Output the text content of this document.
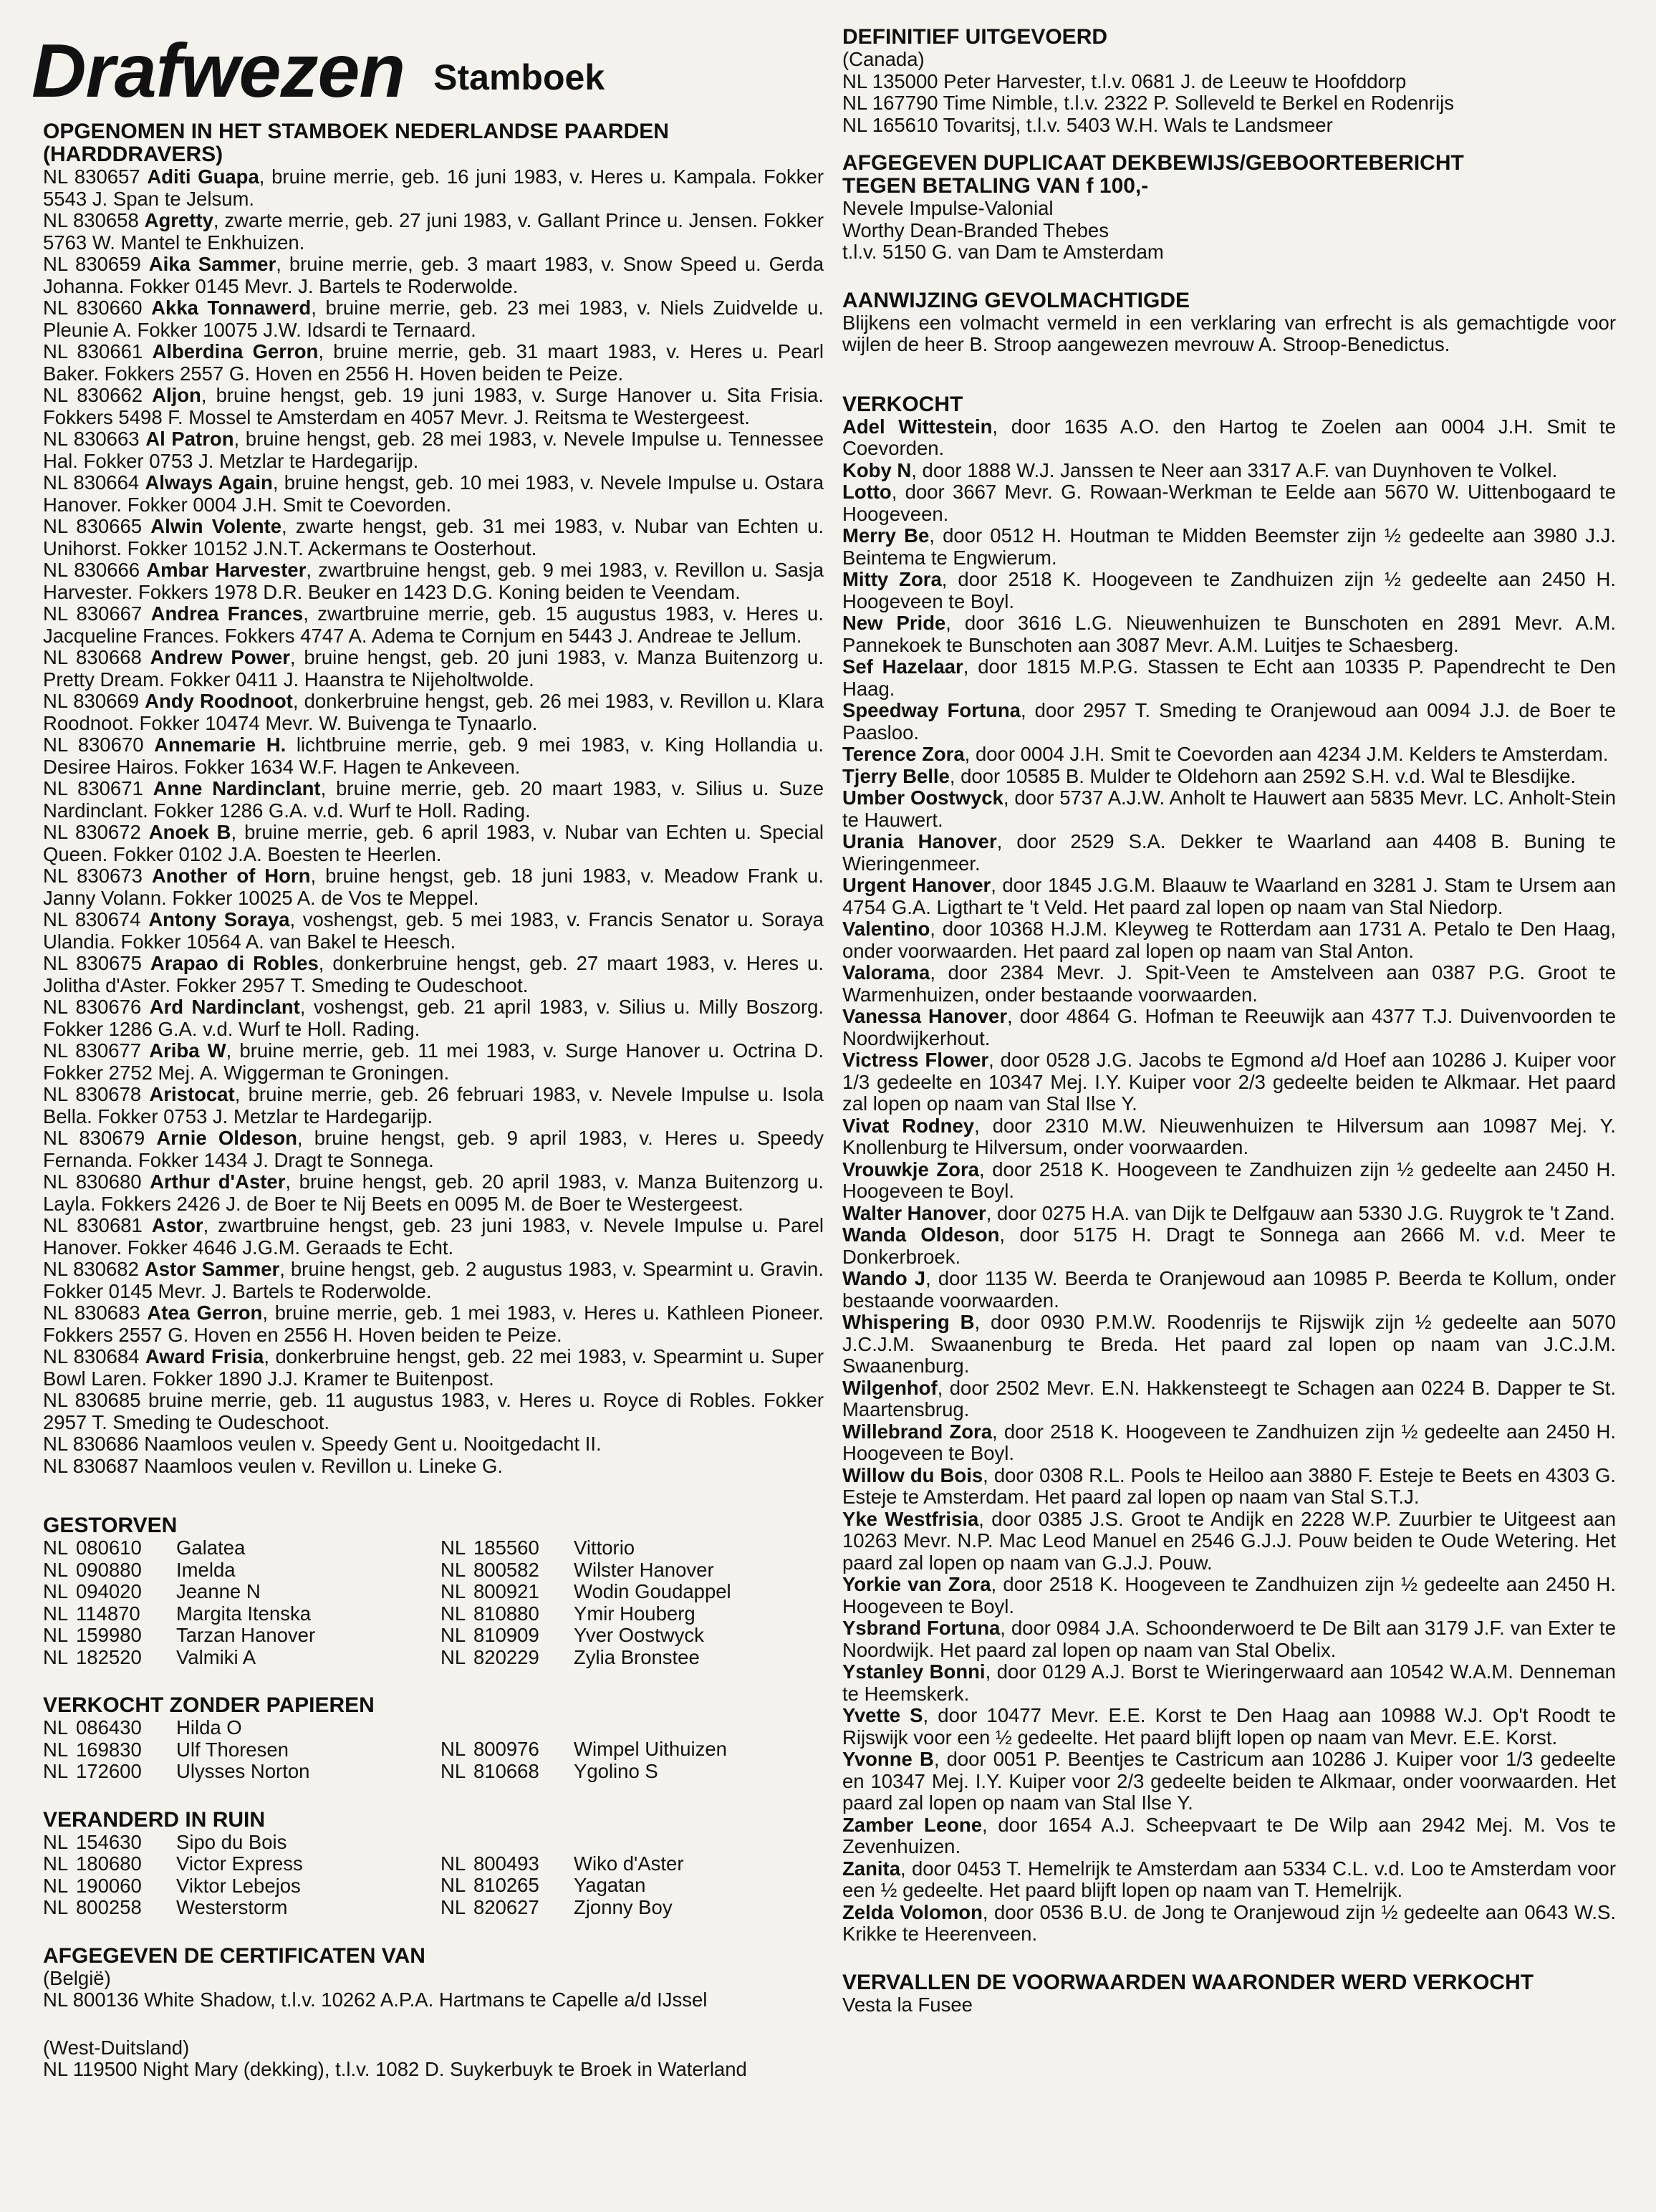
Drafwezen Stamboek

OPGENOMEN IN HET STAMBOEK NEDERLANDSE PAARDEN

(HARDDRAVERS)

NL 830657 Aditi Guapa, bruine merrie, geb. 16 juni 1983, v. Heres u. Kampala. Fokker 5543 J. Span te Jelsum.

NL 830658 Agretty, zwarte merrie, geb. 27 juni 1983, v. Gallant Prince u. Jensen. Fokker 5763 W. Mantel te Enkhuizen.

NL 830659 Aika Sammer, bruine merrie, geb. 3 maart 1983, v. Snow Speed u. Gerda Johanna. Fokker 0145 Mevr. J. Bartels te Roderwolde.

NL 830660 Akka Tonnawerd, bruine merrie, geb. 23 mei 1983, v. Niels Zuidvelde u. Pleunie A. Fokker 10075 J.W. Idsardi te Ternaard.

NL 830661 Alberdina Gerron, bruine merrie, geb. 31 maart 1983, v. Heres u. Pearl Baker. Fokkers 2557 G. Hoven en 2556 H. Hoven beiden te Peize.

NL 830662 Aljon, bruine hengst, geb. 19 juni 1983, v. Surge Hanover u. Sita Frisia. Fokkers 5498 F. Mossel te Amsterdam en 4057 Mevr. J. Reitsma te Westergeest.

NL 830663 Al Patron, bruine hengst, geb. 28 mei 1983, v. Nevele Impulse u. Tennessee Hal. Fokker 0753 J. Metzlar te Hardegarijp.

NL 830664 Always Again, bruine hengst, geb. 10 mei 1983, v. Nevele Impulse u. Ostara Hanover. Fokker 0004 J.H. Smit te Coevorden.

NL 830665 Alwin Volente, zwarte hengst, geb. 31 mei 1983, v. Nubar van Echten u. Unihorst. Fokker 10152 J.N.T. Ackermans te Oosterhout.

NL 830666 Ambar Harvester, zwartbruine hengst, geb. 9 mei 1983, v. Revillon u. Sasja Harvester. Fokkers 1978 D.R. Beuker en 1423 D.G. Koning beiden te Veendam.

NL 830667 Andrea Frances, zwartbruine merrie, geb. 15 augustus 1983, v. Heres u. Jacqueline Frances. Fokkers 4747 A. Adema te Cornjum en 5443 J. Andreae te Jellum.

NL 830668 Andrew Power, bruine hengst, geb. 20 juni 1983, v. Manza Buitenzorg u. Pretty Dream. Fokker 0411 J. Haanstra te Nijeholtwolde.

NL 830669 Andy Roodnoot, donkerbruine hengst, geb. 26 mei 1983, v. Revillon u. Klara Roodnoot. Fokker 10474 Mevr. W. Buivenga te Tynaarlo.

NL 830670 Annemarie H. lichtbruine merrie, geb. 9 mei 1983, v. King Hollandia u. Desiree Hairos. Fokker 1634 W.F. Hagen te Ankeveen.

NL 830671 Anne Nardinclant, bruine merrie, geb. 20 maart 1983, v. Silius u. Suze Nardinclant. Fokker 1286 G.A. v.d. Wurf te Holl. Rading.

NL 830672 Anoek B, bruine merrie, geb. 6 april 1983, v. Nubar van Echten u. Special Queen. Fokker 0102 J.A. Boesten te Heerlen.

NL 830673 Another of Horn, bruine hengst, geb. 18 juni 1983, v. Meadow Frank u. Janny Volann. Fokker 10025 A. de Vos te Meppel.

NL 830674 Antony Soraya, voshengst, geb. 5 mei 1983, v. Francis Senator u. Soraya Ulandia. Fokker 10564 A. van Bakel te Heesch.

NL 830675 Arapao di Robles, donkerbruine hengst, geb. 27 maart 1983, v. Heres u. Jolitha d'Aster. Fokker 2957 T. Smeding te Oudeschoot.

NL 830676 Ard Nardinclant, voshengst, geb. 21 april 1983, v. Silius u. Milly Boszorg. Fokker 1286 G.A. v.d. Wurf te Holl. Rading.

NL 830677 Ariba W, bruine merrie, geb. 11 mei 1983, v. Surge Hanover u. Octrina D. Fokker 2752 Mej. A. Wiggerman te Groningen.

NL 830678 Aristocat, bruine merrie, geb. 26 februari 1983, v. Nevele Impulse u. Isola Bella. Fokker 0753 J. Metzlar te Hardegarijp.

NL 830679 Arnie Oldeson, bruine hengst, geb. 9 april 1983, v. Heres u. Speedy Fernanda. Fokker 1434 J. Dragt te Sonnega.

NL 830680 Arthur d'Aster, bruine hengst, geb. 20 april 1983, v. Manza Buitenzorg u. Layla. Fokkers 2426 J. de Boer te Nij Beets en 0095 M. de Boer te Westergeest.

NL 830681 Astor, zwartbruine hengst, geb. 23 juni 1983, v. Nevele Impulse u. Parel Hanover. Fokker 4646 J.G.M. Geraads te Echt.

NL 830682 Astor Sammer, bruine hengst, geb. 2 augustus 1983, v. Spearmint u. Gravin. Fokker 0145 Mevr. J. Bartels te Roderwolde.

NL 830683 Atea Gerron, bruine merrie, geb. 1 mei 1983, v. Heres u. Kathleen Pioneer. Fokkers 2557 G. Hoven en 2556 H. Hoven beiden te Peize.

NL 830684 Award Frisia, donkerbruine hengst, geb. 22 mei 1983, v. Spearmint u. Super Bowl Laren. Fokker 1890 J.J. Kramer te Buitenpost.

NL 830685 bruine merrie, geb. 11 augustus 1983, v. Heres u. Royce di Robles. Fokker 2957 T. Smeding te Oudeschoot.

NL 830686 Naamloos veulen v. Speedy Gent u. Nooitgedacht II.

NL 830687 Naamloos veulen v. Revillon u. Lineke G.

GESTORVEN

NL 080610	Galatea
NL 090880	Imelda
NL 094020	Jeanne N
NL 114870	Margita Itenska
NL 159980	Tarzan Hanover
NL 182520	Valmiki A
NL 185560	Vittorio
NL 800582	Wilster Hanover
NL 800921	Wodin Goudappel
NL 810880	Ymir Houberg
NL 810909	Yver Oostwyck
NL 820229	Zylia Bronstee

VERKOCHT ZONDER PAPIEREN

NL 086430	Hilda O
NL 169830	Ulf Thoresen
NL 172600	Ulysses Norton
NL 800976	Wimpel Uithuizen
NL 810668	Ygolino S

VERANDERD IN RUIN

NL 154630	Sipo du Bois
NL 180680	Victor Express
NL 190060	Viktor Lebejos
NL 800258	Westerstorm
NL 800493	Wiko d'Aster
NL 810265	Yagatan
NL 820627	Zjonny Boy

AFGEGEVEN DE CERTIFICATEN VAN

(België)

NL 800136 White Shadow, t.l.v. 10262 A.P.A. Hartmans te Capelle a/d IJssel

(West-Duitsland)

NL 119500 Night Mary (dekking), t.l.v. 1082 D. Suykerbuyk te Broek in Waterland

DEFINITIEF UITGEVOERD

(Canada)

NL 135000 Peter Harvester, t.l.v. 0681 J. de Leeuw te Hoofddorp

NL 167790 Time Nimble, t.l.v. 2322 P. Solleveld te Berkel en Rodenrijs

NL 165610 Tovaritsj, t.l.v. 5403 W.H. Wals te Landsmeer

AFGEGEVEN DUPLICAAT DEKBEWIJS/GEBOORTEBERICHT

TEGEN BETALING VAN f 100,-

Nevele Impulse-Valonial

Worthy Dean-Branded Thebes

t.l.v. 5150 G. van Dam te Amsterdam

AANWIJZING GEVOLMACHTIGDE

Blijkens een volmacht vermeld in een verklaring van erfrecht is als gemachtigde voor wijlen de heer B. Stroop aangewezen mevrouw A. Stroop-Benedictus.

VERKOCHT

Adel Wittestein, door 1635 A.O. den Hartog te Zoelen aan 0004 J.H. Smit te Coevorden.

Koby N, door 1888 W.J. Janssen te Neer aan 3317 A.F. van Duynhoven te Volkel.

Lotto, door 3667 Mevr. G. Rowaan-Werkman te Eelde aan 5670 W. Uittenbogaard te Hoogeveen.

Merry Be, door 0512 H. Houtman te Midden Beemster zijn ½ gedeelte aan 3980 J.J. Beintema te Engwierum.

Mitty Zora, door 2518 K. Hoogeveen te Zandhuizen zijn ½ gedeelte aan 2450 H. Hoogeveen te Boyl.

New Pride, door 3616 L.G. Nieuwenhuizen te Bunschoten en 2891 Mevr. A.M. Pannekoek te Bunschoten aan 3087 Mevr. A.M. Luitjes te Schaesberg.

Sef Hazelaar, door 1815 M.P.G. Stassen te Echt aan 10335 P. Papendrecht te Den Haag.

Speedway Fortuna, door 2957 T. Smeding te Oranjewoud aan 0094 J.J. de Boer te Paasloo.

Terence Zora, door 0004 J.H. Smit te Coevorden aan 4234 J.M. Kelders te Amsterdam.

Tjerry Belle, door 10585 B. Mulder te Oldehorn aan 2592 S.H. v.d. Wal te Blesdijke.

Umber Oostwyck, door 5737 A.J.W. Anholt te Hauwert aan 5835 Mevr. LC. Anholt-Stein te Hauwert.

Urania Hanover, door 2529 S.A. Dekker te Waarland aan 4408 B. Buning te Wieringenmeer.

Urgent Hanover, door 1845 J.G.M. Blaauw te Waarland en 3281 J. Stam te Ursem aan 4754 G.A. Ligthart te 't Veld. Het paard zal lopen op naam van Stal Niedorp.

Valentino, door 10368 H.J.M. Kleyweg te Rotterdam aan 1731 A. Petalo te Den Haag, onder voorwaarden. Het paard zal lopen op naam van Stal Anton.

Valorama, door 2384 Mevr. J. Spit-Veen te Amstelveen aan 0387 P.G. Groot te Warmenhuizen, onder bestaande voorwaarden.

Vanessa Hanover, door 4864 G. Hofman te Reeuwijk aan 4377 T.J. Duivenvoorden te Noordwijkerhout.

Victress Flower, door 0528 J.G. Jacobs te Egmond a/d Hoef aan 10286 J. Kuiper voor 1/3 gedeelte en 10347 Mej. I.Y. Kuiper voor 2/3 gedeelte beiden te Alkmaar. Het paard zal lopen op naam van Stal Ilse Y.

Vivat Rodney, door 2310 M.W. Nieuwenhuizen te Hilversum aan 10987 Mej. Y. Knollenburg te Hilversum, onder voorwaarden.

Vrouwkje Zora, door 2518 K. Hoogeveen te Zandhuizen zijn ½ gedeelte aan 2450 H. Hoogeveen te Boyl.

Walter Hanover, door 0275 H.A. van Dijk te Delfgauw aan 5330 J.G. Ruygrok te 't Zand.

Wanda Oldeson, door 5175 H. Dragt te Sonnega aan 2666 M. v.d. Meer te Donkerbroek.

Wando J, door 1135 W. Beerda te Oranjewoud aan 10985 P. Beerda te Kollum, onder bestaande voorwaarden.

Whispering B, door 0930 P.M.W. Roodenrijs te Rijswijk zijn ½ gedeelte aan 5070 J.C.J.M. Swaanenburg te Breda. Het paard zal lopen op naam van J.C.J.M. Swaanenburg.

Wilgenhof, door 2502 Mevr. E.N. Hakkensteegt te Schagen aan 0224 B. Dapper te St. Maartensbrug.

Willebrand Zora, door 2518 K. Hoogeveen te Zandhuizen zijn ½ gedeelte aan 2450 H. Hoogeveen te Boyl.

Willow du Bois, door 0308 R.L. Pools te Heiloo aan 3880 F. Esteje te Beets en 4303 G. Esteje te Amsterdam. Het paard zal lopen op naam van Stal S.T.J.

Yke Westfrisia, door 0385 J.S. Groot te Andijk en 2228 W.P. Zuurbier te Uitgeest aan 10263 Mevr. N.P. Mac Leod Manuel en 2546 G.J.J. Pouw beiden te Oude Wetering. Het paard zal lopen op naam van G.J.J. Pouw.

Yorkie van Zora, door 2518 K. Hoogeveen te Zandhuizen zijn ½ gedeelte aan 2450 H. Hoogeveen te Boyl.

Ysbrand Fortuna, door 0984 J.A. Schoonderwoerd te De Bilt aan 3179 J.F. van Exter te Noordwijk. Het paard zal lopen op naam van Stal Obelix.

Ystanley Bonni, door 0129 A.J. Borst te Wieringerwaard aan 10542 W.A.M. Denneman te Heemskerk.

Yvette S, door 10477 Mevr. E.E. Korst te Den Haag aan 10988 W.J. Op't Roodt te Rijswijk voor een ½ gedeelte. Het paard blijft lopen op naam van Mevr. E.E. Korst.

Yvonne B, door 0051 P. Beentjes te Castricum aan 10286 J. Kuiper voor 1/3 gedeelte en 10347 Mej. I.Y. Kuiper voor 2/3 gedeelte beiden te Alkmaar, onder voorwaarden. Het paard zal lopen op naam van Stal Ilse Y.

Zamber Leone, door 1654 A.J. Scheepvaart te De Wilp aan 2942 Mej. M. Vos te Zevenhuizen.

Zanita, door 0453 T. Hemelrijk te Amsterdam aan 5334 C.L. v.d. Loo te Amsterdam voor een ½ gedeelte. Het paard blijft lopen op naam van T. Hemelrijk.

Zelda Volomon, door 0536 B.U. de Jong te Oranjewoud zijn ½ gedeelte aan 0643 W.S. Krikke te Heerenveen.

VERVALLEN DE VOORWAARDEN WAARONDER WERD VERKOCHT

Vesta la Fusee
